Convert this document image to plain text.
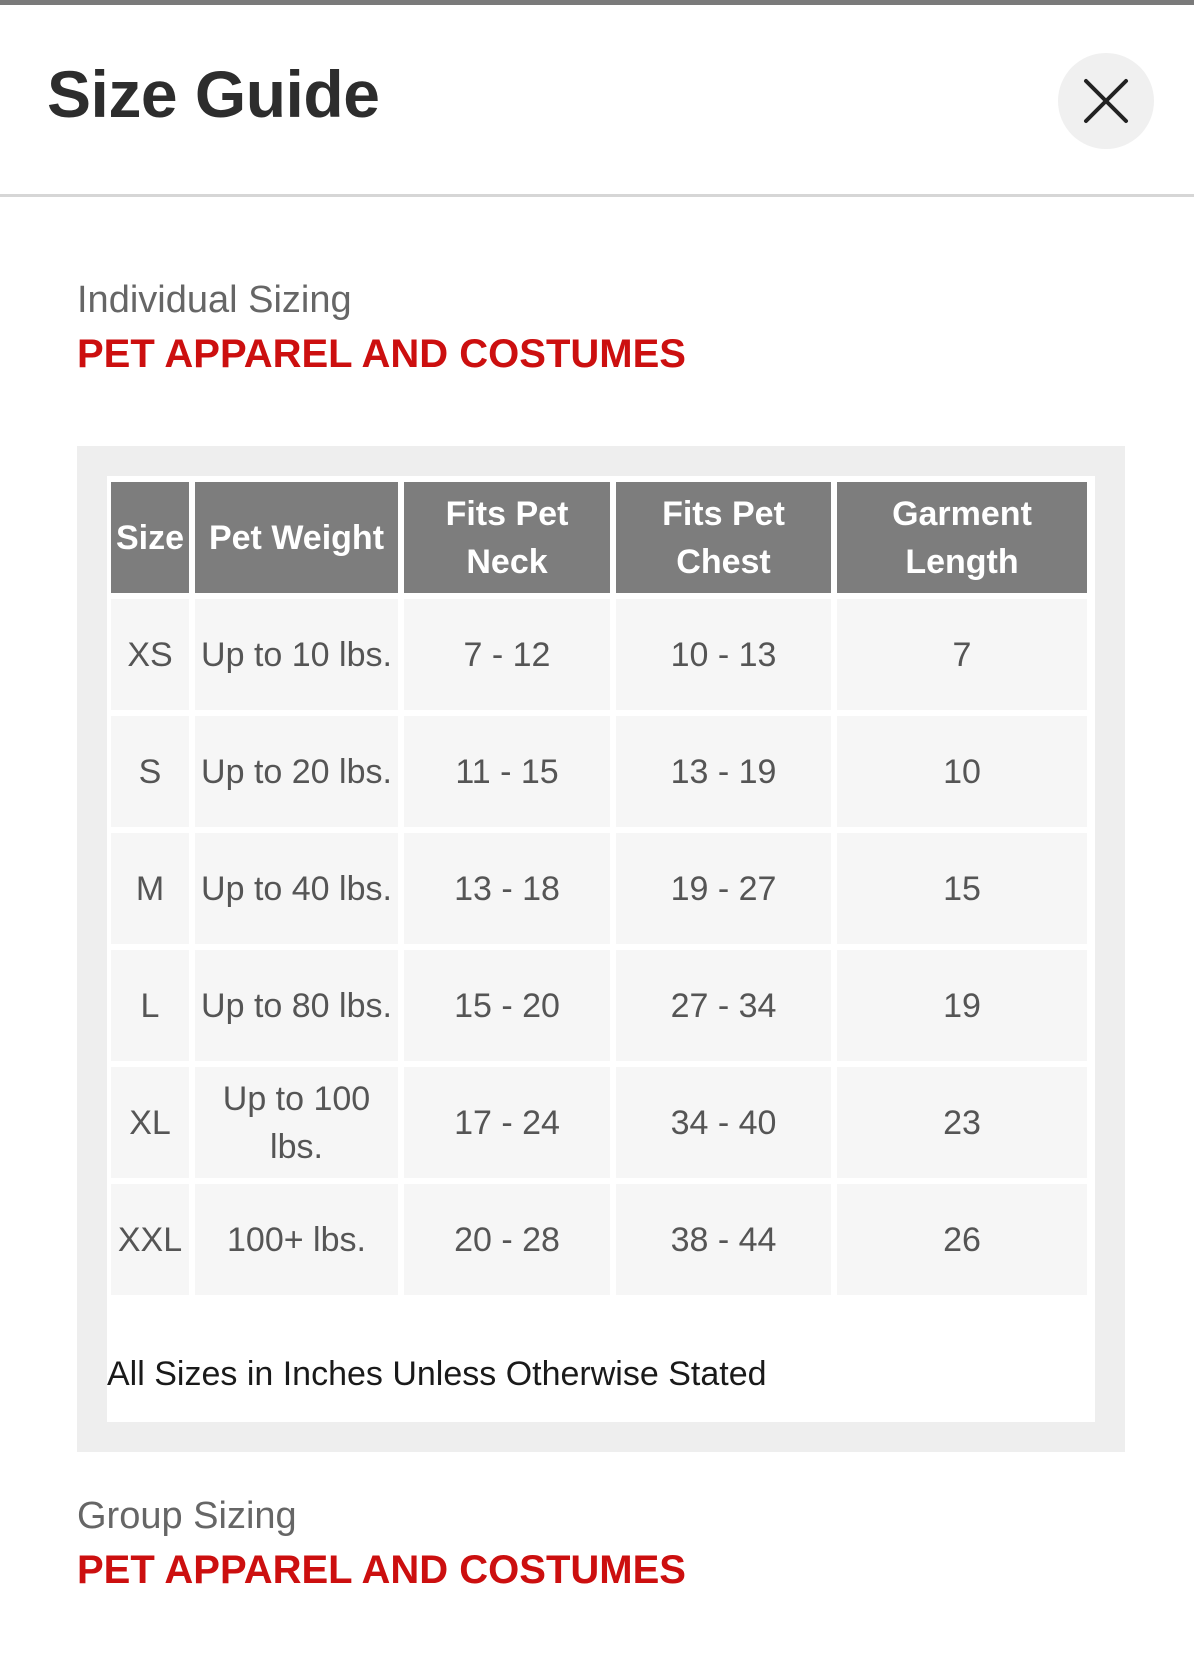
Size Guide

Individual Sizing

PET APPAREL AND COSTUMES
Size	Pet Weight	Fits Pet Neck	Fits Pet Chest	Garment Length
XS	Up to 10 lbs.	7 - 12	10 - 13	7
S	Up to 20 lbs.	11 - 15	13 - 19	10
M	Up to 40 lbs.	13 - 18	19 - 27	15
L	Up to 80 lbs.	15 - 20	27 - 34	19
XL	Up to 100 lbs.	17 - 24	34 - 40	23
XXL	100+ lbs.	20 - 28	38 - 44	26

All Sizes in Inches Unless Otherwise Stated

Group Sizing

PET APPAREL AND COSTUMES
